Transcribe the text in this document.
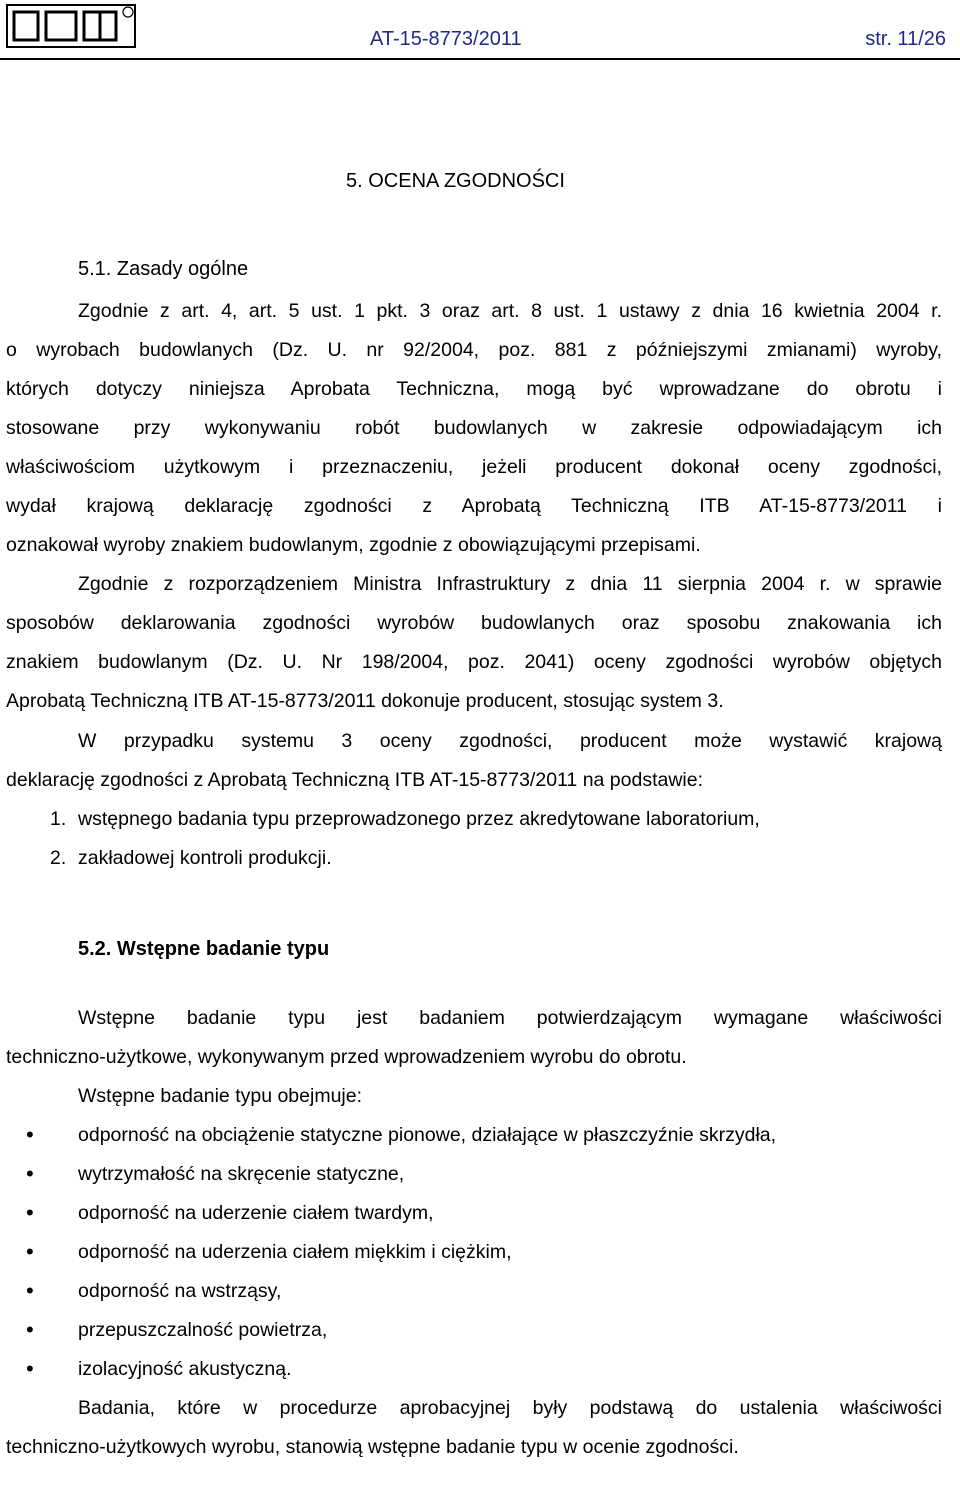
AT-15-8773/2011	str. 11/26
5. OCENA ZGODNOŚCI
5.1. Zasady ogólne
Zgodnie z art. 4, art. 5 ust. 1 pkt. 3 oraz art. 8 ust. 1 ustawy z dnia 16 kwietnia 2004 r.
o wyrobach budowlanych (Dz. U. nr 92/2004, poz. 881 z późniejszymi zmianami) wyroby,
których dotyczy niniejsza Aprobata Techniczna, mogą być wprowadzane do obrotu i
stosowane przy wykonywaniu robót budowlanych w zakresie odpowiadającym ich
właściwościom użytkowym i przeznaczeniu, jeżeli producent dokonał oceny zgodności,
wydał krajową deklarację zgodności z Aprobatą Techniczną ITB AT-15-8773/2011 i
oznakował wyroby znakiem budowlanym, zgodnie z obowiązującymi przepisami.
Zgodnie z rozporządzeniem Ministra Infrastruktury z dnia 11 sierpnia 2004 r. w sprawie
sposobów deklarowania zgodności wyrobów budowlanych oraz sposobu znakowania ich
znakiem budowlanym (Dz. U. Nr 198/2004, poz. 2041) oceny zgodności wyrobów objętych
Aprobatą Techniczną ITB AT-15-8773/2011 dokonuje producent, stosując system 3.
W przypadku systemu 3 oceny zgodności, producent może wystawić krajową
deklarację zgodności z Aprobatą Techniczną ITB AT-15-8773/2011 na podstawie:
1. wstępnego badania typu przeprowadzonego przez akredytowane laboratorium,
2. zakładowej kontroli produkcji.
5.2. Wstępne badanie typu
Wstępne badanie typu jest badaniem potwierdzającym wymagane właściwości
techniczno-użytkowe, wykonywanym przed wprowadzeniem wyrobu do obrotu.
Wstępne badanie typu obejmuje:
• odporność na obciążenie statyczne pionowe, działające w płaszczyźnie skrzydła,
• wytrzymałość na skręcenie statyczne,
• odporność na uderzenie ciałem twardym,
• odporność na uderzenia ciałem miękkim i ciężkim,
• odporność na wstrząsy,
• przepuszczalność powietrza,
• izolacyjność akustyczną.
Badania, które w procedurze aprobacyjnej były podstawą do ustalenia właściwości
techniczno-użytkowych wyrobu, stanowią wstępne badanie typu w ocenie zgodności.
